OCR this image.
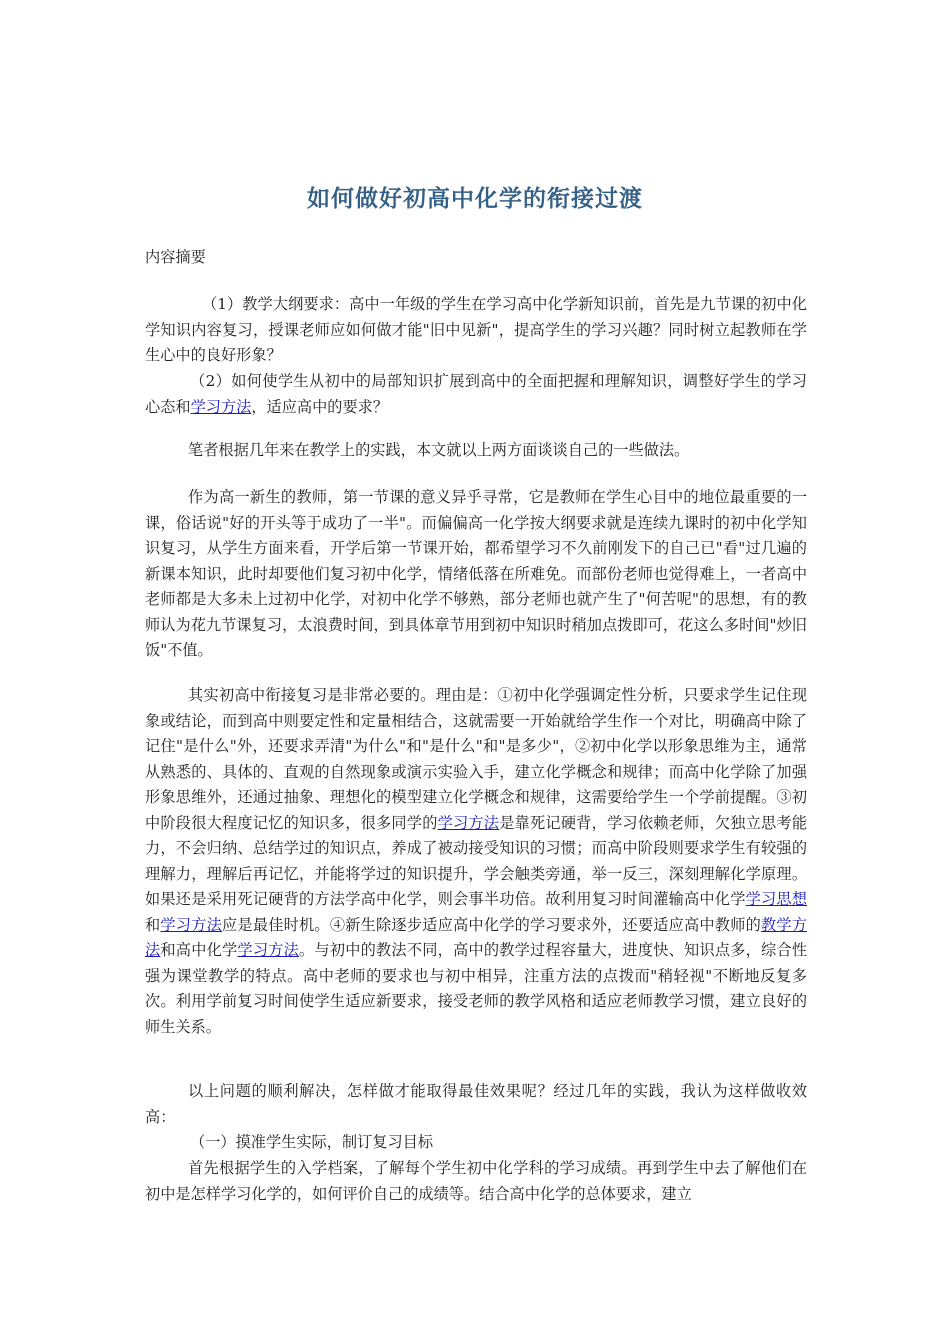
如何做好初高中化学的衔接过渡
内容摘要

（1）教学大纲要求：高中一年级的学生在学习高中化学新知识前，首先是九节课的初中化学知识内容复习，授课老师应如何做才能"旧中见新"，提高学生的学习兴趣？同时树立起教师在学生心中的良好形象？

（2）如何使学生从初中的局部知识扩展到高中的全面把握和理解知识，调整好学生的学习心态和学习方法，适应高中的要求？

笔者根据几年来在教学上的实践，本文就以上两方面谈谈自己的一些做法。

作为高一新生的教师，第一节课的意义异乎寻常，它是教师在学生心目中的地位最重要的一课，俗话说"好的开头等于成功了一半"。而偏偏高一化学按大纲要求就是连续九课时的初中化学知识复习，从学生方面来看，开学后第一节课开始，都希望学习不久前刚发下的自己已"看"过几遍的新课本知识，此时却要他们复习初中化学，情绪低落在所难免。而部份老师也觉得难上，一者高中老师都是大多未上过初中化学，对初中化学不够熟，部分老师也就产生了"何苦呢"的思想，有的教师认为花九节课复习，太浪费时间，到具体章节用到初中知识时稍加点拨即可，花这么多时间"炒旧饭"不值。

其实初高中衔接复习是非常必要的。理由是：①初中化学强调定性分析，只要求学生记住现象或结论，而到高中则要定性和定量相结合，这就需要一开始就给学生作一个对比，明确高中除了记住"是什么"外，还要求弄清"为什么"和"是什么"和"是多少"，②初中化学以形象思维为主，通常从熟悉的、具体的、直观的自然现象或演示实验入手，建立化学概念和规律；而高中化学除了加强形象思维外，还通过抽象、理想化的模型建立化学概念和规律，这需要给学生一个学前提醒。③初中阶段很大程度记忆的知识多，很多同学的学习方法是靠死记硬背，学习依赖老师，欠独立思考能力，不会归纳、总结学过的知识点，养成了被动接受知识的习惯；而高中阶段则要求学生有较强的理解力，理解后再记忆，并能将学过的知识提升，学会触类旁通，举一反三，深刻理解化学原理。如果还是采用死记硬背的方法学高中化学，则会事半功倍。故利用复习时间灌输高中化学学习思想和学习方法应是最佳时机。④新生除逐步适应高中化学的学习要求外，还要适应高中教师的教学方法和高中化学学习方法。与初中的教法不同，高中的教学过程容量大，进度快、知识点多，综合性强为课堂教学的特点。高中老师的要求也与初中相异，注重方法的点拨而"稍轻视"不断地反复多次。利用学前复习时间使学生适应新要求，接受老师的教学风格和适应老师教学习惯，建立良好的师生关系。

以上问题的顺利解决，怎样做才能取得最佳效果呢？经过几年的实践，我认为这样做收效高：

（一）摸准学生实际，制订复习目标

首先根据学生的入学档案，了解每个学生初中化学科的学习成绩。再到学生中去了解他们在初中是怎样学习化学的，如何评价自己的成绩等。结合高中化学的总体要求，建立
